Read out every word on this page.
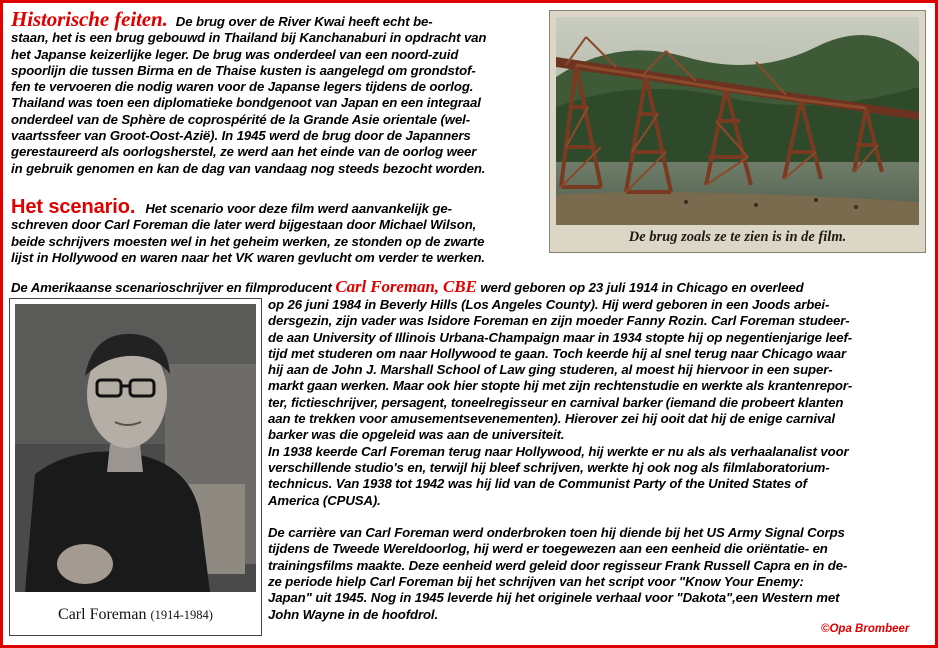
Historische feiten. De brug over de River Kwai heeft echt be-
staan, het is een brug gebouwd in Thailand bij Kanchanaburi in opdracht van
het Japanse keizerlijke leger. De brug was onderdeel van een noord-zuid
spoorlijn die tussen Birma en de Thaise kusten is aangelegd om grondstof-
fen te vervoeren die nodig waren voor de Japanse legers tijdens de oorlog.
Thailand was toen een diplomatieke bondgenoot van Japan en een integraal
onderdeel van de Sphère de coprospérité de la Grande Asie orientale (wel-
vaartssfeer van Groot-Oost-Azië). In 1945 werd de brug door de Japanners
gerestaureerd als oorlogsherstel, ze werd aan het einde van de oorlog weer
in gebruik genomen en kan de dag van vandaag nog steeds bezocht worden.
Het scenario. Het scenario voor deze film werd aanvankelijk ge-
schreven door Carl Foreman die later werd bijgestaan door Michael Wilson,
beide schrijvers moesten wel in het geheim werken, ze stonden op de zwarte
lijst in Hollywood en waren naar het VK waren gevlucht om verder te werken.
De Amerikaanse scenarioschrijver en filmproducent Carl Foreman, CBE werd geboren op 23 juli 1914 in Chicago en overleed
op 26 juni 1984 in Beverly Hills (Los Angeles County). Hij werd geboren in een Joods arbei-
dersgezin, zijn vader was Isidore Foreman en zijn moeder Fanny Rozin. Carl Foreman studeer-
de aan University of Illinois Urbana-Champaign maar in 1934 stopte hij op negentienjarige leef-
tijd met studeren om naar Hollywood te gaan. Toch keerde hij al snel terug naar Chicago waar
hij aan de John J. Marshall School of Law ging studeren, al moest hij hiervoor in een super-
markt gaan werken. Maar ook hier stopte hij met zijn rechtenstudie en werkte als krantenrepor-
ter, fictieschrijver, persagent, toneelregisseur en carnival barker (iemand die probeert klanten
aan te trekken voor amusementsevenementen). Hierover zei hij ooit dat hij de enige carnival
barker was die opgeleid was aan de universiteit.
In 1938 keerde Carl Foreman terug naar Hollywood, hij werkte er nu als als verhaalanalist voor
verschillende studio's en, terwijl hij bleef schrijven, werkte hj ook nog als filmlaboratorium-
technicus. Van 1938 tot 1942 was hij lid van de Communist Party of the United States of
America (CPUSA).
De carrière van Carl Foreman werd onderbroken toen hij diende bij het US Army Signal Corps
tijdens de Tweede Wereldoorlog, hij werd er toegewezen aan een eenheid die oriëntatie- en
trainingsfilms maakte. Deze eenheid werd geleid door regisseur Frank Russell Capra en in de-
ze periode hielp Carl Foreman bij het schrijven van het script voor "Know Your Enemy:
Japan" uit 1945. Nog in 1945 leverde hij het originele verhaal voor "Dakota",een Western met
John Wayne in de hoofdrol.
De brug zoals ze te zien is in de film.
Carl Foreman (1914-1984)
©Opa Brombeer
